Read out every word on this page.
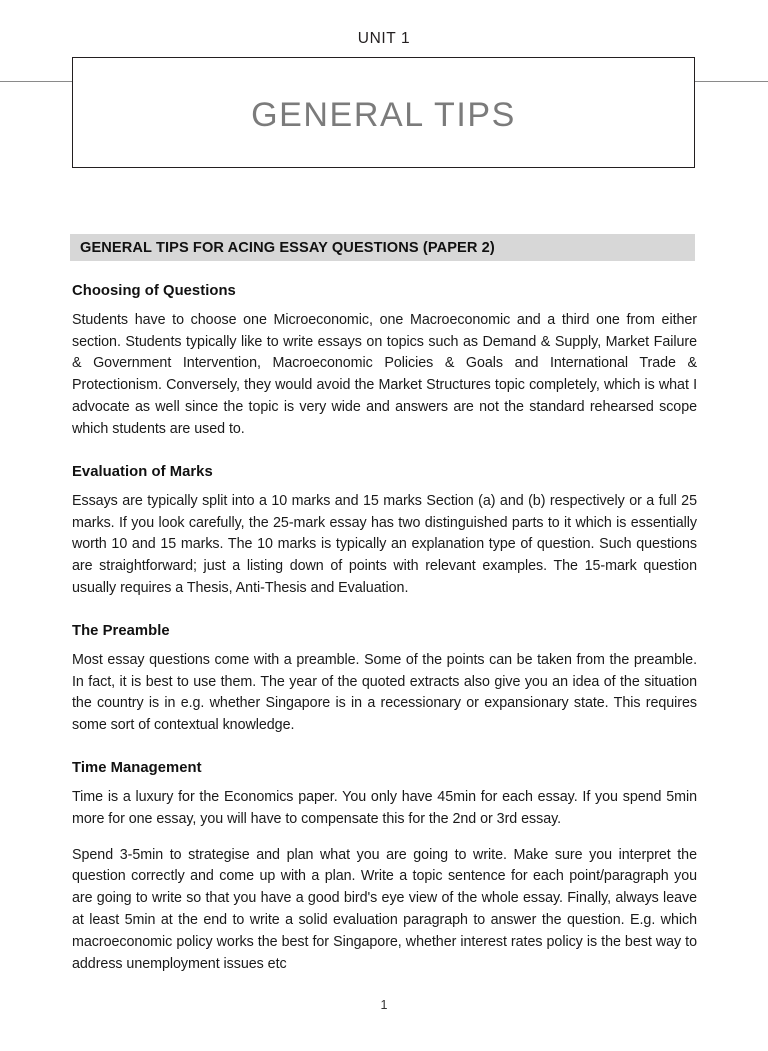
UNIT 1
GENERAL TIPS
GENERAL TIPS FOR ACING ESSAY QUESTIONS (PAPER 2)
Choosing of Questions

Students have to choose one Microeconomic, one Macroeconomic and a third one from either section. Students typically like to write essays on topics such as Demand & Supply, Market Failure & Government Intervention, Macroeconomic Policies & Goals and International Trade & Protectionism. Conversely, they would avoid the Market Structures topic completely, which is what I advocate as well since the topic is very wide and answers are not the standard rehearsed scope which students are used to.

Evaluation of Marks

Essays are typically split into a 10 marks and 15 marks Section (a) and (b) respectively or a full 25 marks. If you look carefully, the 25-mark essay has two distinguished parts to it which is essentially worth 10 and 15 marks. The 10 marks is typically an explanation type of question. Such questions are straightforward; just a listing down of points with relevant examples. The 15-mark question usually requires a Thesis, Anti-Thesis and Evaluation.

The Preamble

Most essay questions come with a preamble. Some of the points can be taken from the preamble. In fact, it is best to use them. The year of the quoted extracts also give you an idea of the situation the country is in e.g. whether Singapore is in a recessionary or expansionary state. This requires some sort of contextual knowledge.

Time Management

Time is a luxury for the Economics paper. You only have 45min for each essay. If you spend 5min more for one essay, you will have to compensate this for the 2nd or 3rd essay.

Spend 3-5min to strategise and plan what you are going to write. Make sure you interpret the question correctly and come up with a plan. Write a topic sentence for each point/paragraph you are going to write so that you have a good bird's eye view of the whole essay. Finally, always leave at least 5min at the end to write a solid evaluation paragraph to answer the question. E.g. which macroeconomic policy works the best for Singapore, whether interest rates policy is the best way to address unemployment issues etc

1
